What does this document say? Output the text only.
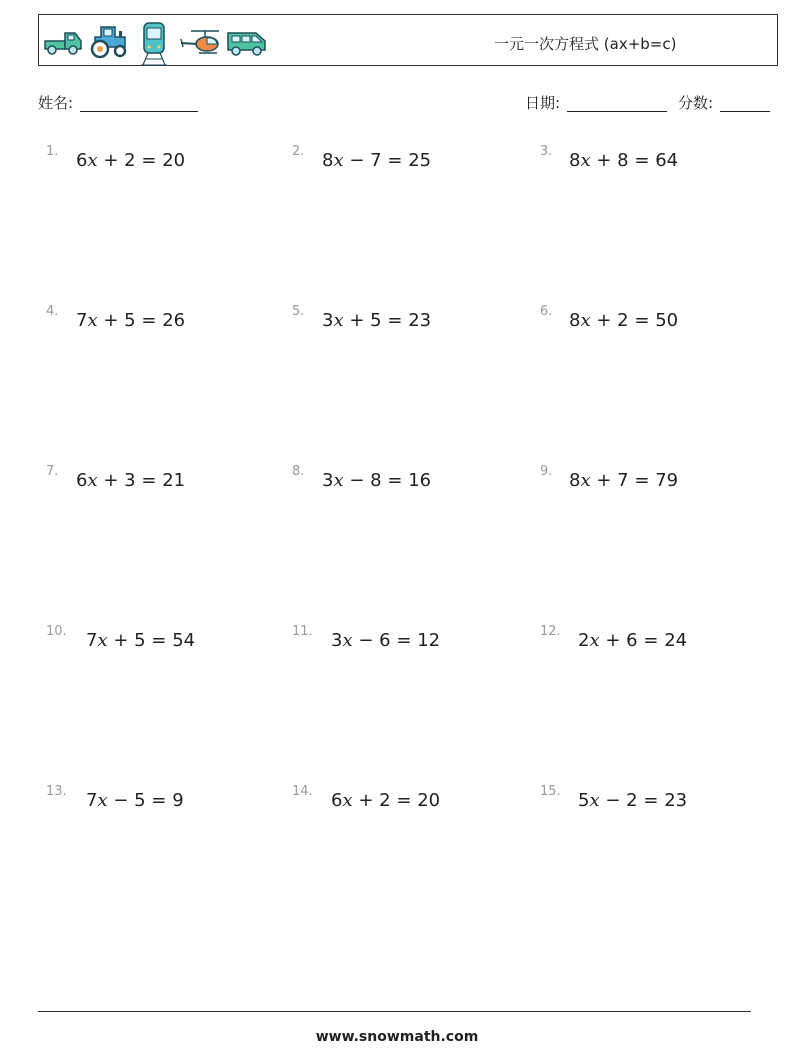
一元一次方程式 (ax+b=c)
姓名:	日期:	分数:
1. 6x + 2 = 20	2. 8x − 7 = 25	3. 8x + 8 = 64
4. 7x + 5 = 26	5. 3x + 5 = 23	6. 8x + 2 = 50
7. 6x + 3 = 21	8. 3x − 8 = 16	9. 8x + 7 = 79
10. 7x + 5 = 54	11. 3x − 6 = 12	12. 2x + 6 = 24
13. 7x − 5 = 9	14. 6x + 2 = 20	15. 5x − 2 = 23
www.snowmath.com
